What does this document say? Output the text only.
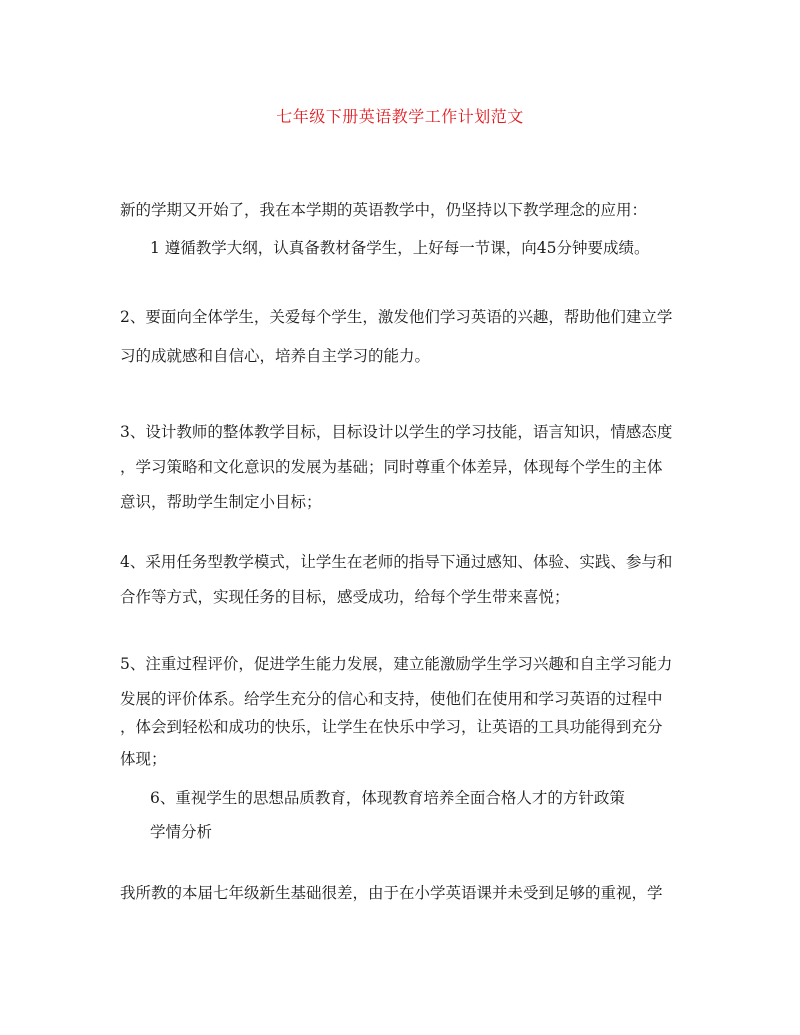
七年级下册英语教学工作计划范文
新的学期又开始了，我在本学期的英语教学中，仍坚持以下教学理念的应用：
1 遵循教学大纲，认真备教材备学生，上好每一节课，向45分钟要成绩。
2、要面向全体学生，关爱每个学生，激发他们学习英语的兴趣，帮助他们建立学
习的成就感和自信心，培养自主学习的能力。
3、设计教师的整体教学目标，目标设计以学生的学习技能，语言知识，情感态度
，学习策略和文化意识的发展为基础；同时尊重个体差异，体现每个学生的主体
意识，帮助学生制定小目标；
4、采用任务型教学模式，让学生在老师的指导下通过感知、体验、实践、参与和
合作等方式，实现任务的目标，感受成功，给每个学生带来喜悦；
5、注重过程评价，促进学生能力发展，建立能激励学生学习兴趣和自主学习能力
发展的评价体系。给学生充分的信心和支持，使他们在使用和学习英语的过程中
，体会到轻松和成功的快乐，让学生在快乐中学习，让英语的工具功能得到充分
体现；
6、重视学生的思想品质教育，体现教育培养全面合格人才的方针政策
学情分析
我所教的本届七年级新生基础很差，由于在小学英语课并未受到足够的重视，学
